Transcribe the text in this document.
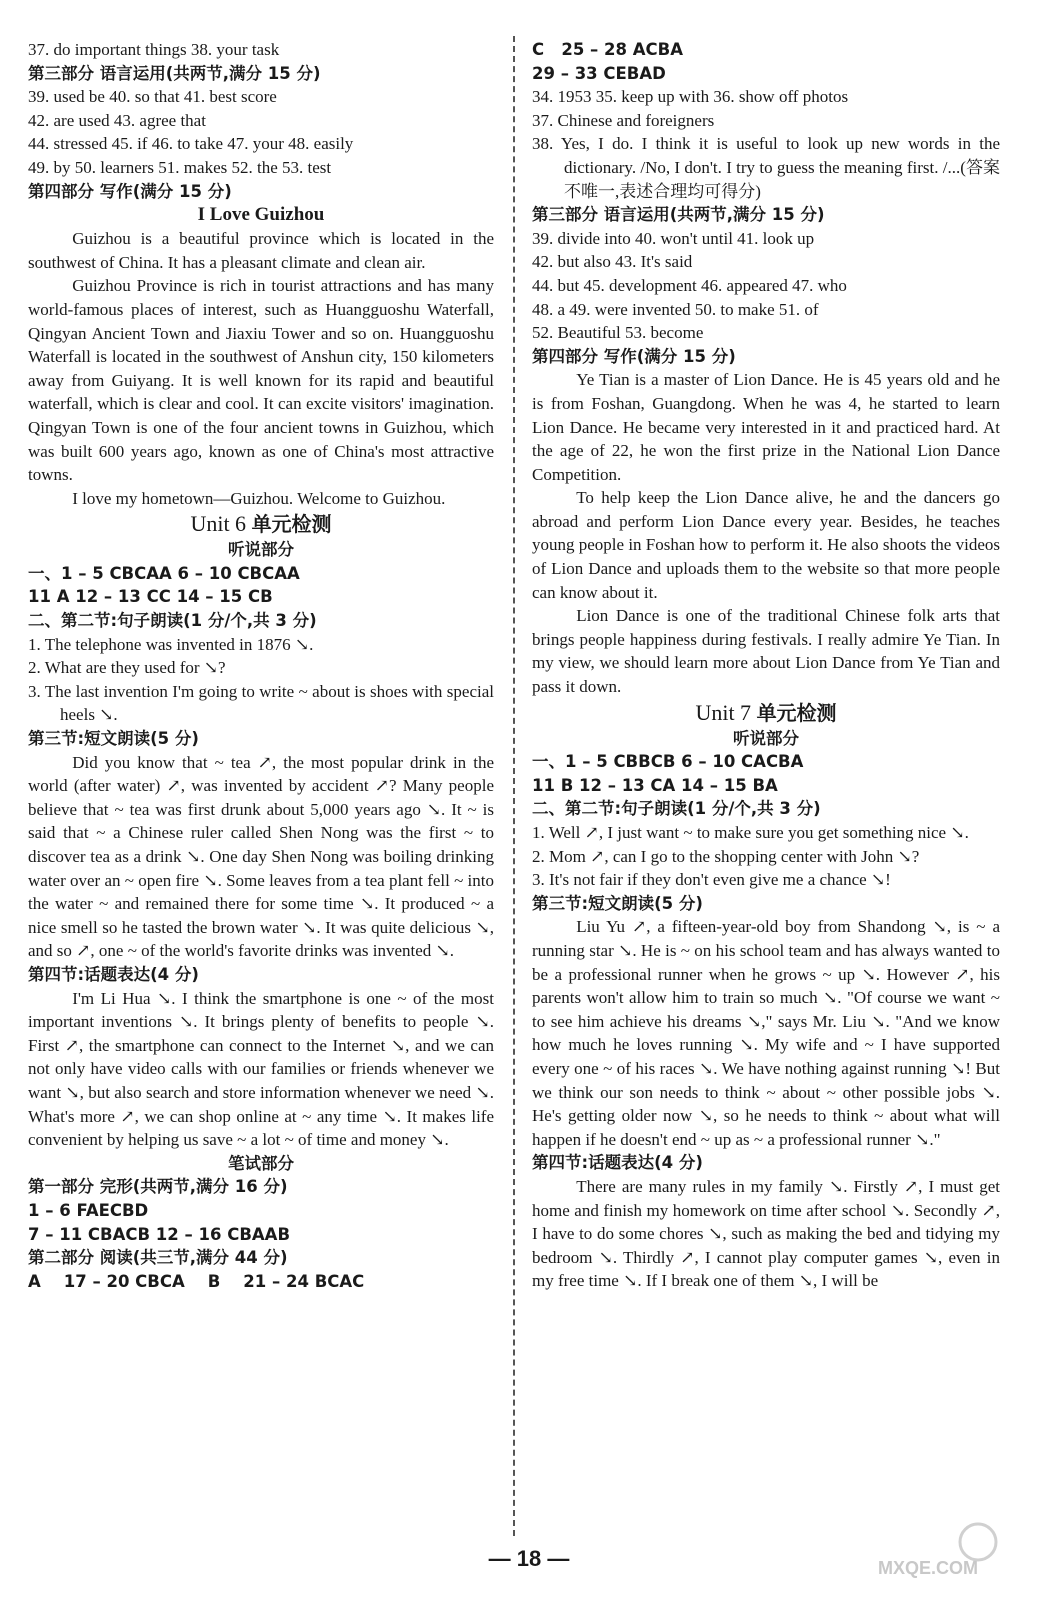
37. do important things 38. your task
第三部分 语言运用(共两节,满分 15 分)
39. used be 40. so that 41. best score
42. are used 43. agree that
44. stressed 45. if 46. to take 47. your 48. easily
49. by 50. learners 51. makes 52. the 53. test
第四部分 写作(满分 15 分)
I Love Guizhou

Guizhou is a beautiful province which is located in the southwest of China. It has a pleasant climate and clean air.

Guizhou Province is rich in tourist attractions and has many world-famous places of interest, such as Huangguoshu Waterfall, Qingyan Ancient Town and Jiaxiu Tower and so on. Huangguoshu Waterfall is located in the southwest of Anshun city, 150 kilometers away from Guiyang. It is well known for its rapid and beautiful waterfall, which is clear and cool. It can excite visitors' imagination. Qingyan Town is one of the four ancient towns in Guizhou, which was built 600 years ago, known as one of China's most attractive towns.

I love my hometown—Guizhou. Welcome to Guizhou.

Unit 6 单元检测
听说部分
一、1 – 5 CBCAA 6 – 10 CBCAA
11 A 12 – 13 CC 14 – 15 CB
二、第二节:句子朗读(1 分/个,共 3 分)

1. The telephone was invented in 1876 ↘.

2. What are they used for ↘?

3. The last invention I'm going to write ~ about is shoes with special heels ↘.

第三节:短文朗读(5 分)

Did you know that ~ tea ↗, the most popular drink in the world (after water) ↗, was invented by accident ↗? Many people believe that ~ tea was first drunk about 5,000 years ago ↘. It ~ is said that ~ a Chinese ruler called Shen Nong was the first ~ to discover tea as a drink ↘. One day Shen Nong was boiling drinking water over an ~ open fire ↘. Some leaves from a tea plant fell ~ into the water ~ and remained there for some time ↘. It produced ~ a nice smell so he tasted the brown water ↘. It was quite delicious ↘, and so ↗, one ~ of the world's favorite drinks was invented ↘.

第四节:话题表达(4 分)

I'm Li Hua ↘. I think the smartphone is one ~ of the most important inventions ↘. It brings plenty of benefits to people ↘. First ↗, the smartphone can connect to the Internet ↘, and we can not only have video calls with our families or friends whenever we want ↘, but also search and store information whenever we need ↘. What's more ↗, we can shop online at ~ any time ↘. It makes life convenient by helping us save ~ a lot ~ of time and money ↘.

笔试部分
第一部分 完形(共两节,满分 16 分)
1 – 6 FAECBD
7 – 11 CBACB 12 – 16 CBAAB
第二部分 阅读(共三节,满分 44 分)
A 17 – 20 CBCA B 21 – 24 BCAC
C 25 – 28 ACBA
29 – 33 CEBAD
34. 1953 35. keep up with 36. show off photos
37. Chinese and foreigners

38. Yes, I do. I think it is useful to look up new words in the dictionary. /No, I don't. I try to guess the meaning first. /...(答案不唯一,表述合理均可得分)

第三部分 语言运用(共两节,满分 15 分)
39. divide into 40. won't until 41. look up
42. but also 43. It's said
44. but 45. development 46. appeared 47. who
48. a 49. were invented 50. to make 51. of
52. Beautiful 53. become
第四部分 写作(满分 15 分)

Ye Tian is a master of Lion Dance. He is 45 years old and he is from Foshan, Guangdong. When he was 4, he started to learn Lion Dance. He became very interested in it and practiced hard. At the age of 22, he won the first prize in the National Lion Dance Competition.

To help keep the Lion Dance alive, he and the dancers go abroad and perform Lion Dance every year. Besides, he teaches young people in Foshan how to perform it. He also shoots the videos of Lion Dance and uploads them to the website so that more people can know about it.

Lion Dance is one of the traditional Chinese folk arts that brings people happiness during festivals. I really admire Ye Tian. In my view, we should learn more about Lion Dance from Ye Tian and pass it down.

Unit 7 单元检测
听说部分
一、1 – 5 CBBCB 6 – 10 CACBA
11 B 12 – 13 CA 14 – 15 BA
二、第二节:句子朗读(1 分/个,共 3 分)

1. Well ↗, I just want ~ to make sure you get something nice ↘.

2. Mom ↗, can I go to the shopping center with John ↘?

3. It's not fair if they don't even give me a chance ↘!

第三节:短文朗读(5 分)

Liu Yu ↗, a fifteen-year-old boy from Shandong ↘, is ~ a running star ↘. He is ~ on his school team and has always wanted to be a professional runner when he grows ~ up ↘. However ↗, his parents won't allow him to train so much ↘. "Of course we want ~ to see him achieve his dreams ↘," says Mr. Liu ↘. "And we know how much he loves running ↘. My wife and ~ I have supported every one ~ of his races ↘. We have nothing against running ↘! But we think our son needs to think ~ about ~ other possible jobs ↘. He's getting older now ↘, so he needs to think ~ about what will happen if he doesn't end ~ up as ~ a professional runner ↘."

第四节:话题表达(4 分)

There are many rules in my family ↘. Firstly ↗, I must get home and finish my homework on time after school ↘. Secondly ↗, I have to do some chores ↘, such as making the bed and tidying my bedroom ↘. Thirdly ↗, I cannot play computer games ↘, even in my free time ↘. If I break one of them ↘, I will be

— 18 —	MXQE.COM
